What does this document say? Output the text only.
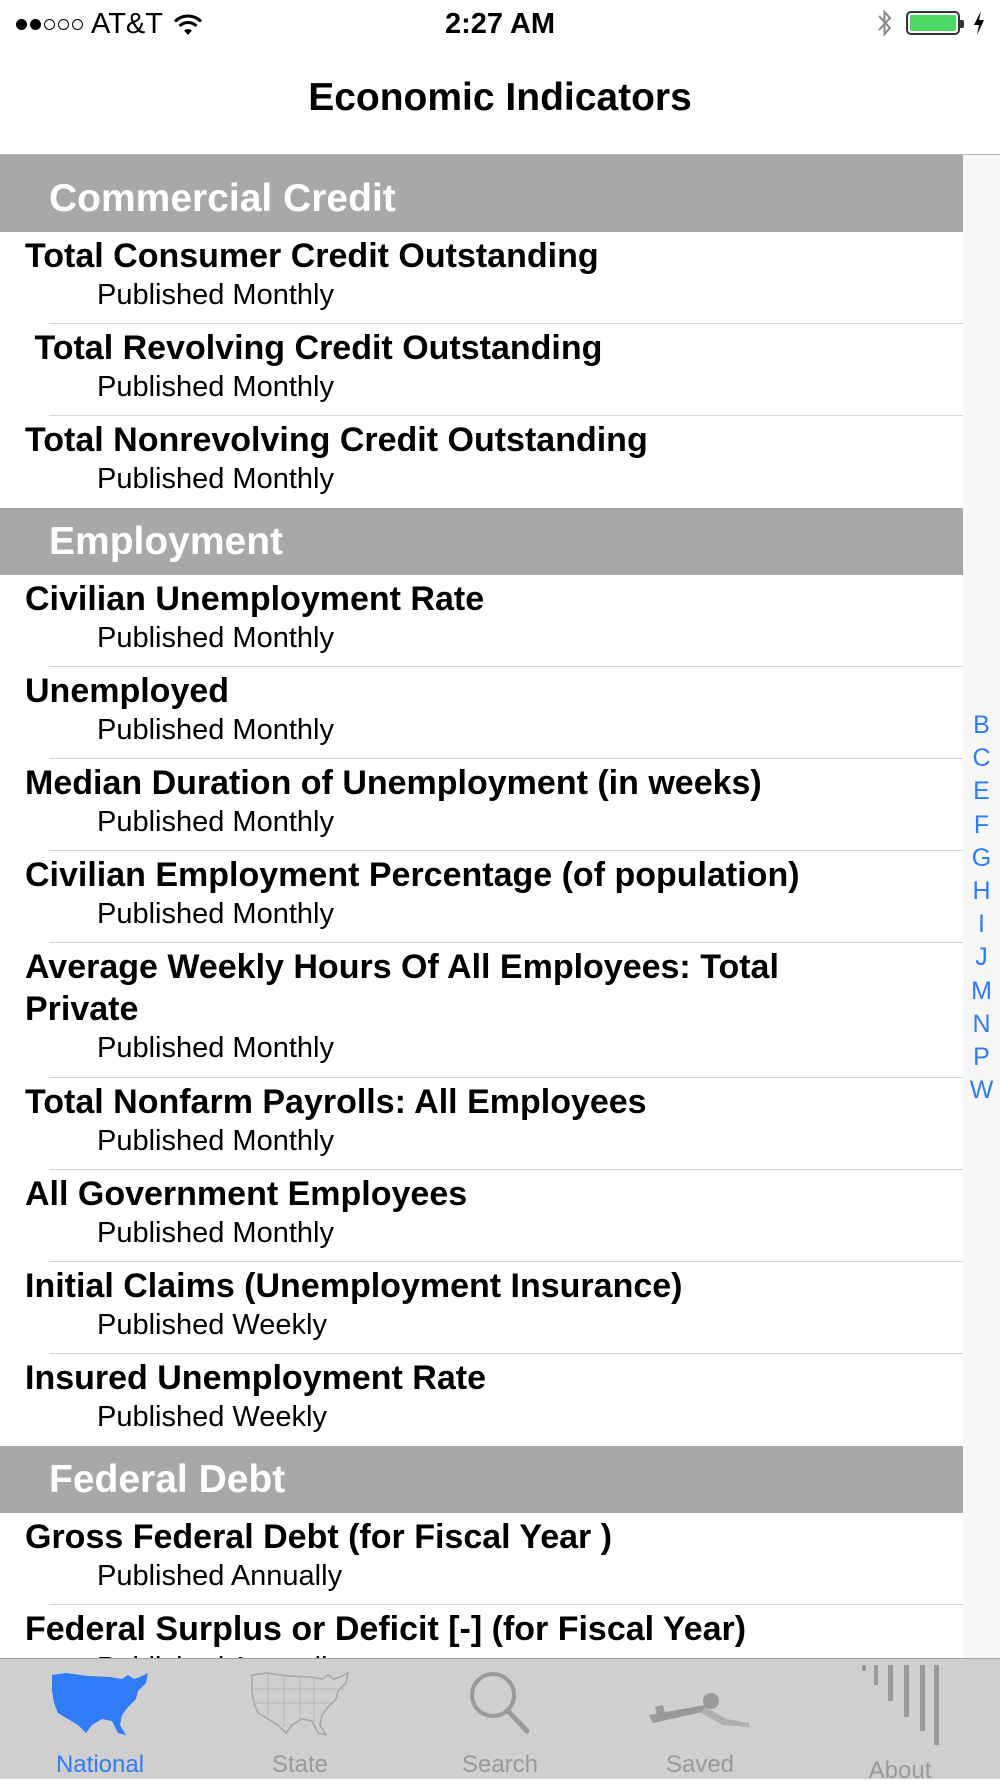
AT&T	2:27 AM
Economic Indicators
Commercial Credit
Total Consumer Credit Outstanding
Published Monthly
Total Revolving Credit Outstanding
Published Monthly
Total Nonrevolving Credit Outstanding
Published Monthly
Employment
Civilian Unemployment Rate
Published Monthly
Unemployed
Published Monthly
Median Duration of Unemployment (in weeks)
Published Monthly
Civilian Employment Percentage (of population)
Published Monthly
Average Weekly Hours Of All Employees: Total Private
Published Monthly
Total Nonfarm Payrolls: All Employees
Published Monthly
All Government Employees
Published Monthly
Initial Claims (Unemployment Insurance)
Published Weekly
Insured Unemployment Rate
Published Weekly
Federal Debt
Gross Federal Debt (for Fiscal Year )
Published Annually
Federal Surplus or Deficit [-] (for Fiscal Year)
B
C
E
F
G
H
I
J
M
N
P
W
National	State	Search	Saved	About
